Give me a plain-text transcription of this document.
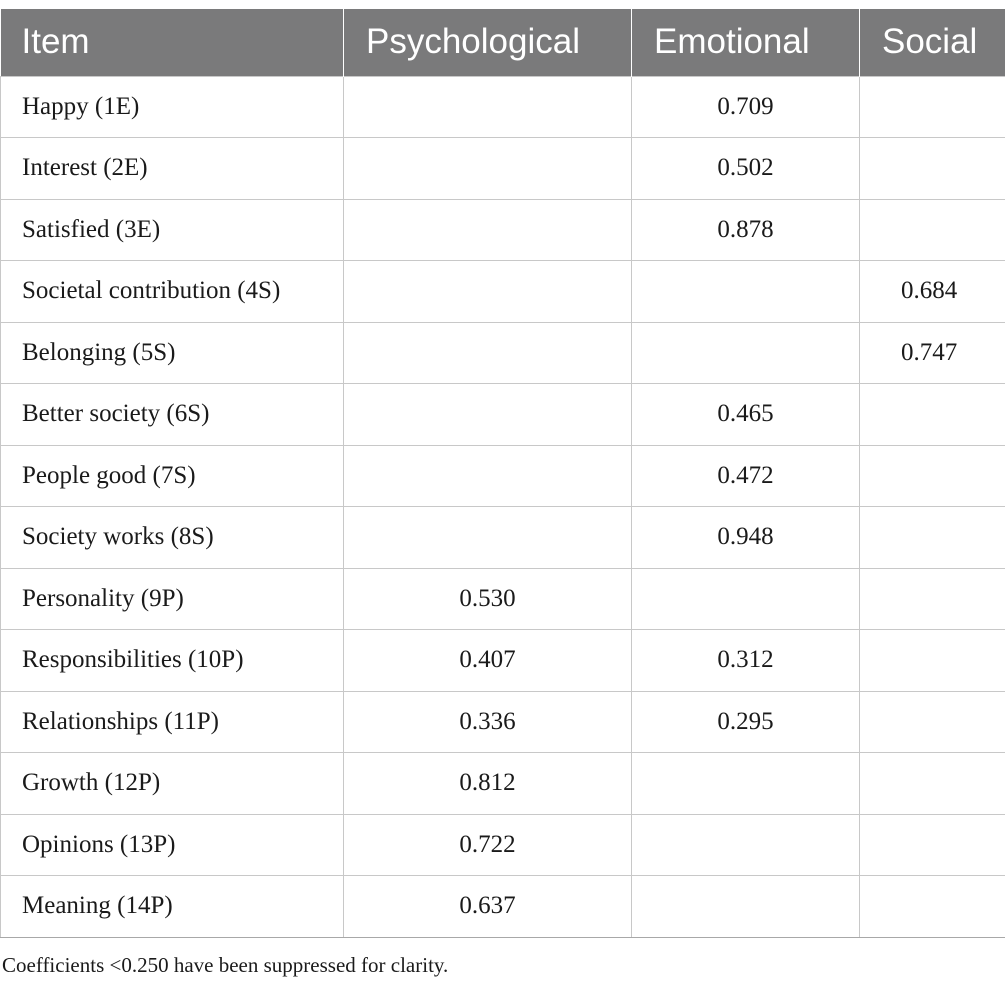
Item	Psychological	Emotional	Social
Happy (1E)		0.709	
Interest (2E)		0.502	
Satisfied (3E)		0.878	
Societal contribution (4S)			0.684
Belonging (5S)			0.747
Better society (6S)		0.465	
People good (7S)		0.472	
Society works (8S)		0.948	
Personality (9P)	0.530		
Responsibilities (10P)	0.407	0.312	
Relationships (11P)	0.336	0.295	
Growth (12P)	0.812		
Opinions (13P)	0.722		
Meaning (14P)	0.637		
Coefficients <0.250 have been suppressed for clarity.
